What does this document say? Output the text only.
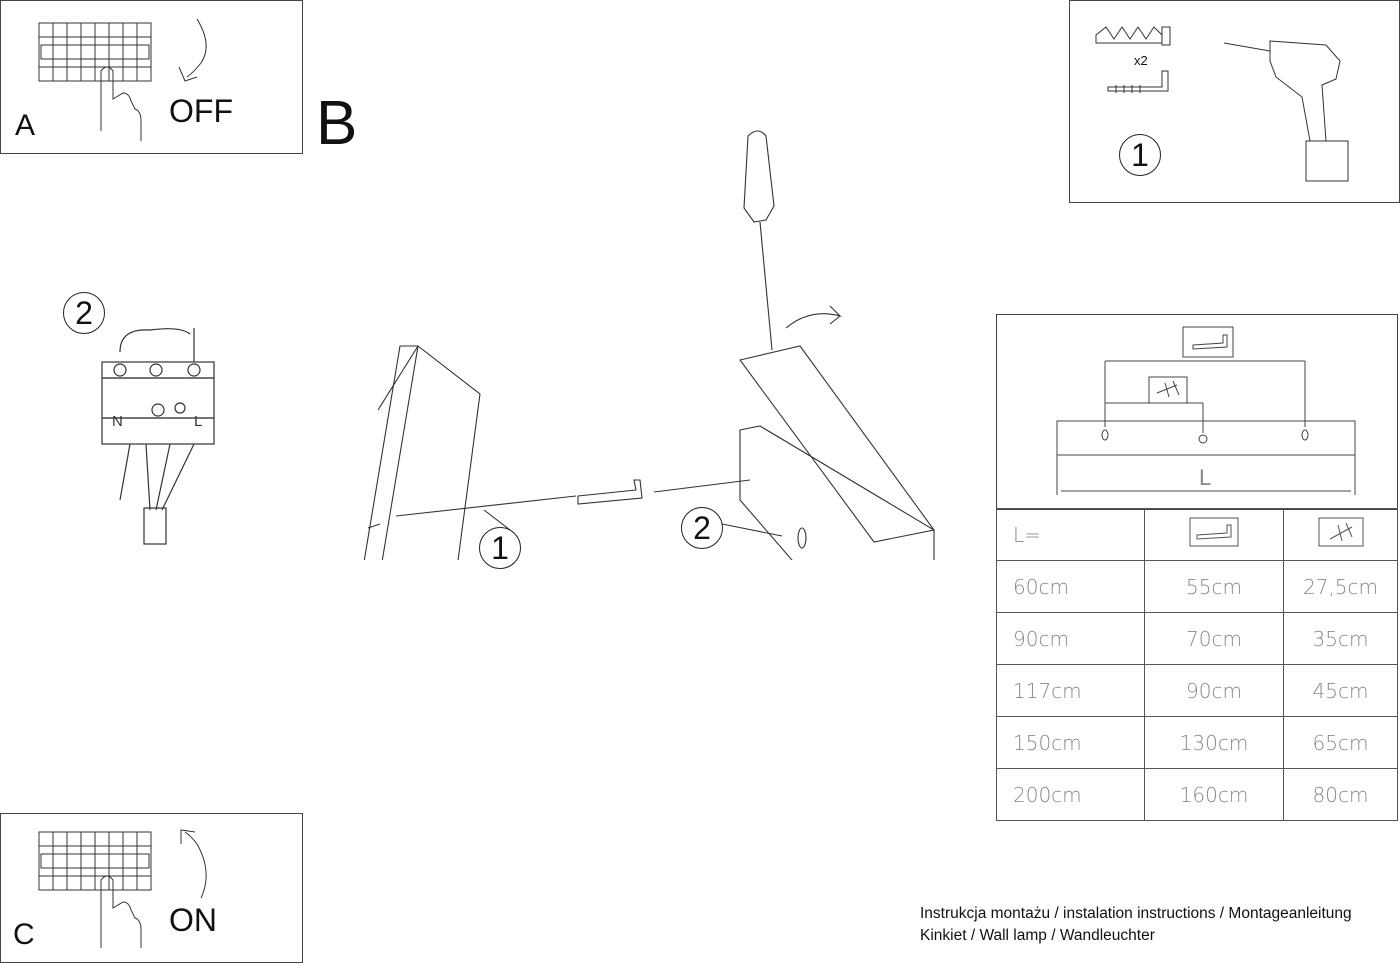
A	OFF B
x2
1
2
N	L
1
2
L
L=		
60cm	55cm	27,5cm
90cm	70cm	35cm
117cm	90cm	45cm
150cm	130cm	65cm
200cm	160cm	80cm
C	ON	Instrukcja montażu / instalation instructions / Montageanleitung
Kinkiet / Wall lamp / Wandleuchter
